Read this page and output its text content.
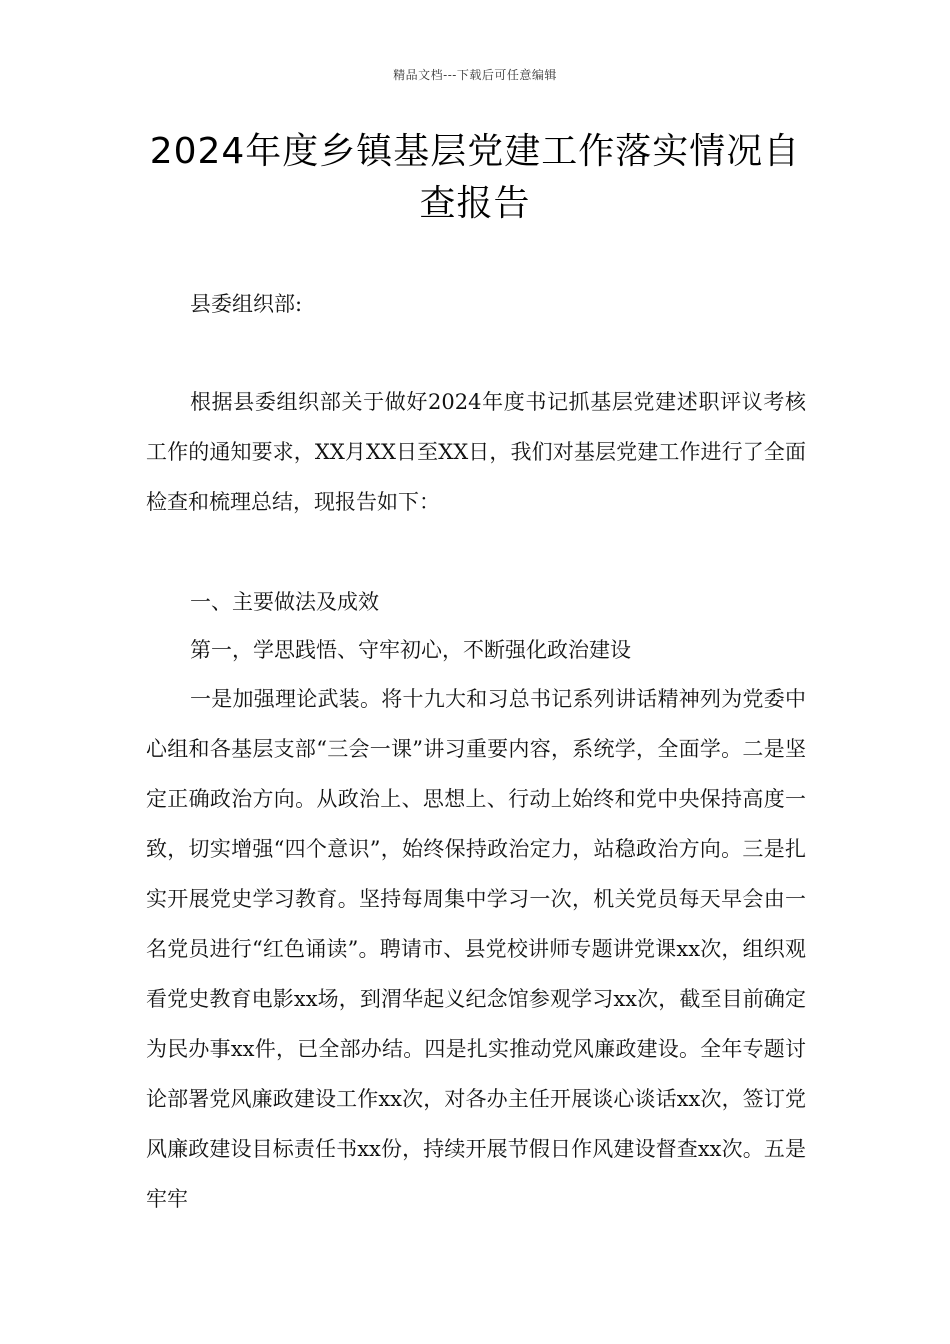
精品文档---下载后可任意编辑
2024年度乡镇基层党建工作落实情况自查报告
县委组织部:
根据县委组织部关于做好2024年度书记抓基层党建述职评议考核工作的通知要求，XX月XX日至XX日，我们对基层党建工作进行了全面检查和梳理总结，现报告如下：
一、主要做法及成效
第一，学思践悟、守牢初心，不断强化政治建设
一是加强理论武装。将十九大和习总书记系列讲话精神列为党委中心组和各基层支部“三会一课”讲习重要内容，系统学，全面学。二是坚定正确政治方向。从政治上、思想上、行动上始终和党中央保持高度一致，切实增强“四个意识”，始终保持政治定力，站稳政治方向。三是扎实开展党史学习教育。坚持每周集中学习一次，机关党员每天早会由一名党员进行“红色诵读”。聘请市、县党校讲师专题讲党课xx次，组织观看党史教育电影xx场，到渭华起义纪念馆参观学习xx次，截至目前确定为民办事xx件，已全部办结。四是扎实推动党风廉政建设。全年专题讨论部署党风廉政建设工作xx次，对各办主任开展谈心谈话xx次，签订党风廉政建设目标责任书xx份，持续开展节假日作风建设督查xx次。五是牢牢
